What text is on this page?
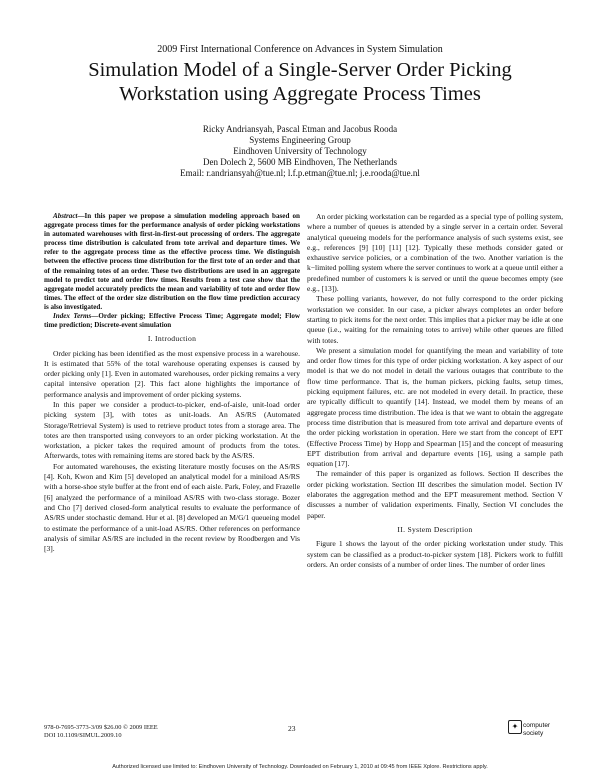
2009 First International Conference on Advances in System Simulation
Simulation Model of a Single-Server Order Picking
Workstation using Aggregate Process Times
Ricky Andriansyah, Pascal Etman and Jacobus Rooda
Systems Engineering Group
Eindhoven University of Technology
Den Dolech 2, 5600 MB Eindhoven, The Netherlands
Email: r.andriansyah@tue.nl; l.f.p.etman@tue.nl; j.e.rooda@tue.nl

Abstract—In this paper we propose a simulation modeling approach based on aggregate process times for the performance analysis of order picking workstations in automated warehouses with first-in-first-out processing of orders. The aggregate process time distribution is calculated from tote arrival and departure times. We refer to the aggregate process time as the effective process time. We distinguish between the effective process time distribution for the first tote of an order and that of the remaining totes of an order. These two distributions are used in an aggregate model to predict tote and order flow times. Results from a test case show that the aggregate model accurately predicts the mean and variability of tote and order flow times. The effect of the order size distribution on the flow time prediction accuracy is also investigated.

Index Terms—Order picking; Effective Process Time; Aggregate model; Flow time prediction; Discrete-event simulation

I. Introduction

Order picking has been identified as the most expensive process in a warehouse. It is estimated that 55% of the total warehouse operating expenses is caused by order picking only [1]. Even in automated warehouses, order picking remains a very capital intensive operation [2]. This fact alone highlights the importance of performance analysis and improvement of order picking systems.

In this paper we consider a product-to-picker, end-of-aisle, unit-load order picking system [3], with totes as unit-loads. An AS/RS (Automated Storage/Retrieval System) is used to retrieve product totes from a storage area. The totes are then transported using conveyors to an order picking workstation. At the workstation, a picker takes the required amount of products from the totes. Afterwards, totes with remaining items are stored back by the AS/RS.

For automated warehouses, the existing literature mostly focuses on the AS/RS [4]. Koh, Kwon and Kim [5] developed an analytical model for a miniload AS/RS with a horse-shoe style buffer at the front end of each aisle. Park, Foley, and Frazelle [6] analyzed the performance of a miniload AS/RS with two-class storage. Bozer and Cho [7] derived closed-form analytical results to evaluate the performance of AS/RS under stochastic demand. Hur et al. [8] developed an M/G/1 queueing model to estimate the performance of a unit-load AS/RS. Other references on performance analysis of similar AS/RS are included in the recent review by Roodbergen and Vis [3].

An order picking workstation can be regarded as a special type of polling system, where a number of queues is attended by a single server in a certain order. Several analytical queueing models for the performance analysis of such systems exist, see e.g., references [9] [10] [11] [12]. Typically these methods consider gated or exhaustive service policies, or a combination of the two. Another variation is the k−limited polling system where the server continues to work at a queue until either a predefined number of customers k is served or until the queue becomes empty (see e.g., [13]).

These polling variants, however, do not fully correspond to the order picking workstation we consider. In our case, a picker always completes an order before starting to pick items for the next order. This implies that a picker may be idle at one queue (i.e., waiting for the remaining totes to arrive) while other queues are filled with totes.

We present a simulation model for quantifying the mean and variability of tote and order flow times for this type of order picking workstation. A key aspect of our model is that we do not model in detail the various outages that contribute to the flow time performance. That is, the human pickers, picking faults, setup times, picking equipment failures, etc. are not modeled in every detail. In practice, these are typically difficult to quantify [14]. Instead, we model them by means of an aggregate process time distribution. The idea is that we want to obtain the aggregate process time distribution that is measured from tote arrival and departure events of the order picking workstation in operation. Here we start from the concept of EPT (Effective Process Time) by Hopp and Spearman [15] and the concept of measuring EPT distribution from arrival and departure events [16], using a sample path equation [17].

The remainder of this paper is organized as follows. Section II describes the order picking workstation. Section III describes the simulation model. Section IV elaborates the aggregation method and the EPT measurement method. Section V discusses a number of validation experiments. Finally, Section VI concludes the paper.

II. System Description

Figure 1 shows the layout of the order picking workstation under study. This system can be classified as a product-to-picker system [18]. Pickers work to fulfill orders. An order consists of a number of order lines. The number of order lines

978-0-7695-3773-3/09 $26.00 © 2009 IEEE
DOI 10.1109/SIMUL.2009.10
23	✦ computer
society
Authorized licensed use limited to: Eindhoven University of Technology. Downloaded on February 1, 2010 at 09:45 from IEEE Xplore. Restrictions apply.
